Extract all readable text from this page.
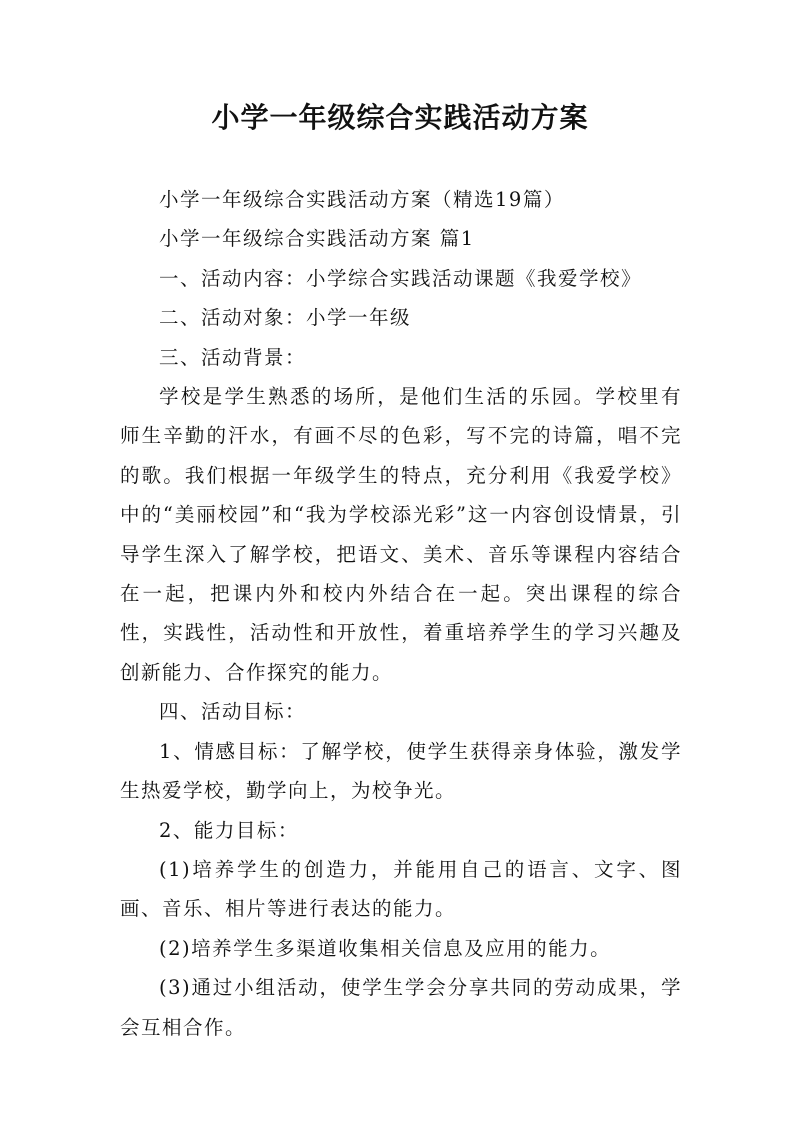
小学一年级综合实践活动方案

小学一年级综合实践活动方案（精选19篇）

小学一年级综合实践活动方案 篇1

一、活动内容：小学综合实践活动课题《我爱学校》

二、活动对象：小学一年级

三、活动背景：

学校是学生熟悉的场所，是他们生活的乐园。学校里有师生辛勤的汗水，有画不尽的色彩，写不完的诗篇，唱不完的歌。我们根据一年级学生的特点，充分利用《我爱学校》中的“美丽校园”和“我为学校添光彩”这一内容创设情景，引导学生深入了解学校，把语文、美术、音乐等课程内容结合在一起，把课内外和校内外结合在一起。突出课程的综合性，实践性，活动性和开放性，着重培养学生的学习兴趣及创新能力、合作探究的能力。

四、活动目标：

1、情感目标：了解学校，使学生获得亲身体验，激发学生热爱学校，勤学向上，为校争光。

2、能力目标：

(1)培养学生的创造力，并能用自己的语言、文字、图画、音乐、相片等进行表达的能力。

(2)培养学生多渠道收集相关信息及应用的能力。

(3)通过小组活动，使学生学会分享共同的劳动成果，学会互相合作。
